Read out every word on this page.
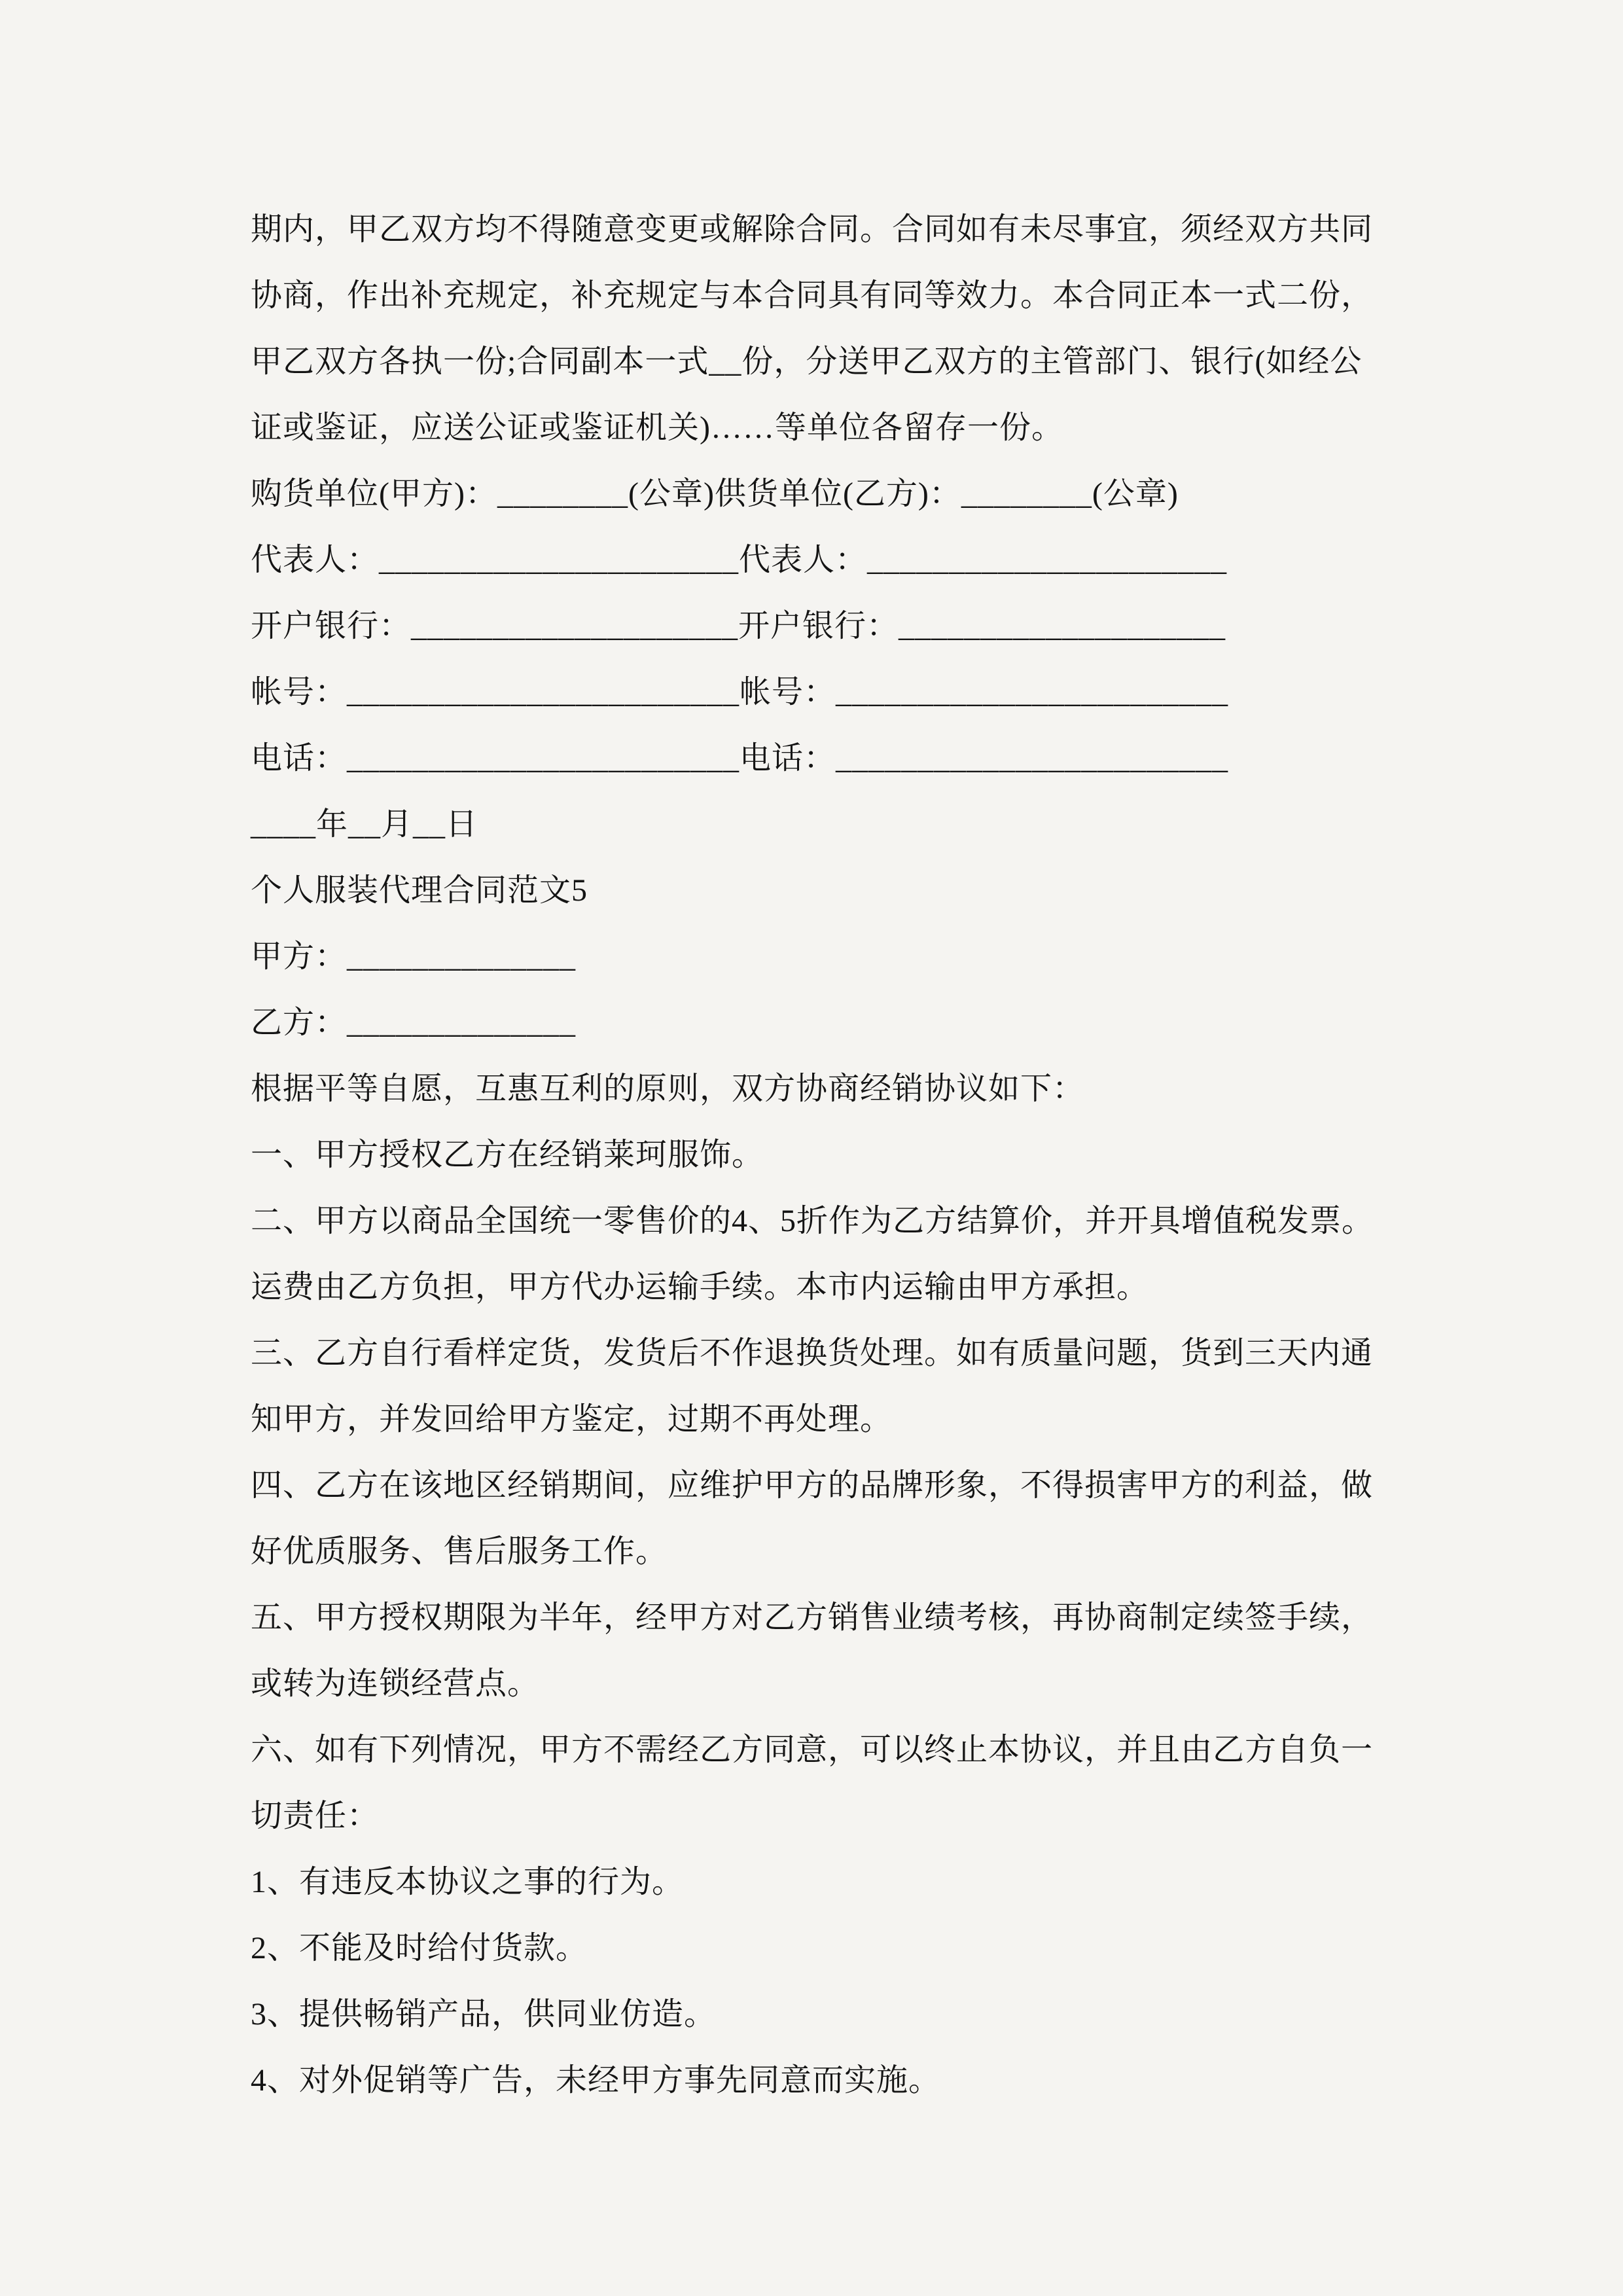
期内，甲乙双方均不得随意变更或解除合同。合同如有未尽事宜，须经双方共同

协商，作出补充规定，补充规定与本合同具有同等效力。本合同正本一式二份，

甲乙双方各执一份;合同副本一式__份，分送甲乙双方的主管部门、银行(如经公

证或鉴证，应送公证或鉴证机关)……等单位各留存一份。

购货单位(甲方)：________(公章)供货单位(乙方)：________(公章)

代表人：______________________代表人：______________________

开户银行：____________________开户银行：____________________

帐号：________________________帐号：________________________

电话：________________________电话：________________________

____年__月__日

个人服装代理合同范文5

甲方：______________

乙方：______________

根据平等自愿，互惠互利的原则，双方协商经销协议如下：

一、甲方授权乙方在经销莱珂服饰。

二、甲方以商品全国统一零售价的4、5折作为乙方结算价，并开具增值税发票。

运费由乙方负担，甲方代办运输手续。本市内运输由甲方承担。

三、乙方自行看样定货，发货后不作退换货处理。如有质量问题，货到三天内通

知甲方，并发回给甲方鉴定，过期不再处理。

四、乙方在该地区经销期间，应维护甲方的品牌形象，不得损害甲方的利益，做

好优质服务、售后服务工作。

五、甲方授权期限为半年，经甲方对乙方销售业绩考核，再协商制定续签手续，

或转为连锁经营点。

六、如有下列情况，甲方不需经乙方同意，可以终止本协议，并且由乙方自负一

切责任：

1、有违反本协议之事的行为。

2、不能及时给付货款。

3、提供畅销产品，供同业仿造。

4、对外促销等广告，未经甲方事先同意而实施。
